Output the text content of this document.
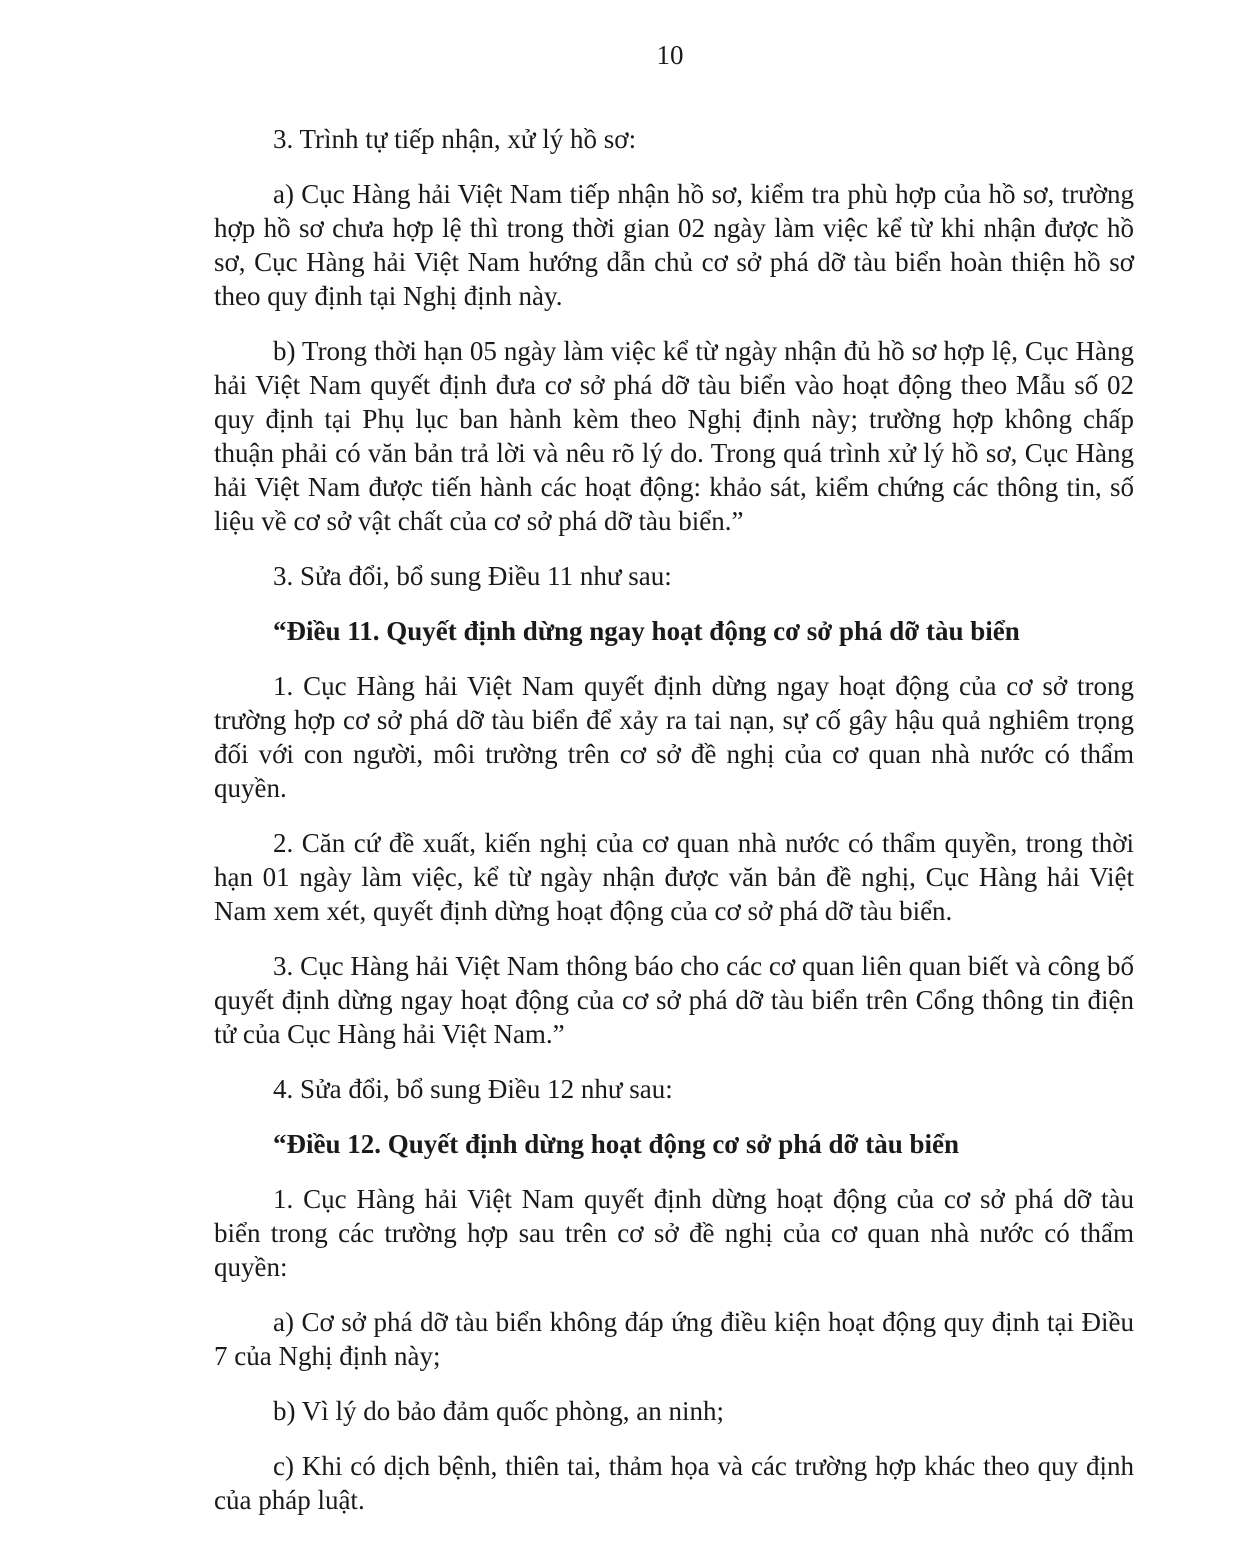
10

3. Trình tự tiếp nhận, xử lý hồ sơ:

a) Cục Hàng hải Việt Nam tiếp nhận hồ sơ, kiểm tra phù hợp của hồ sơ, trường hợp hồ sơ chưa hợp lệ thì trong thời gian 02 ngày làm việc kể từ khi nhận được hồ sơ, Cục Hàng hải Việt Nam hướng dẫn chủ cơ sở phá dỡ tàu biển hoàn thiện hồ sơ theo quy định tại Nghị định này.

b) Trong thời hạn 05 ngày làm việc kể từ ngày nhận đủ hồ sơ hợp lệ, Cục Hàng hải Việt Nam quyết định đưa cơ sở phá dỡ tàu biển vào hoạt động theo Mẫu số 02 quy định tại Phụ lục ban hành kèm theo Nghị định này; trường hợp không chấp thuận phải có văn bản trả lời và nêu rõ lý do. Trong quá trình xử lý hồ sơ, Cục Hàng hải Việt Nam được tiến hành các hoạt động: khảo sát, kiểm chứng các thông tin, số liệu về cơ sở vật chất của cơ sở phá dỡ tàu biển.”

3. Sửa đổi, bổ sung Điều 11 như sau:

“Điều 11. Quyết định dừng ngay hoạt động cơ sở phá dỡ tàu biển

1. Cục Hàng hải Việt Nam quyết định dừng ngay hoạt động của cơ sở trong trường hợp cơ sở phá dỡ tàu biển để xảy ra tai nạn, sự cố gây hậu quả nghiêm trọng đối với con người, môi trường trên cơ sở đề nghị của cơ quan nhà nước có thẩm quyền.

2. Căn cứ đề xuất, kiến nghị của cơ quan nhà nước có thẩm quyền, trong thời hạn 01 ngày làm việc, kể từ ngày nhận được văn bản đề nghị, Cục Hàng hải Việt Nam xem xét, quyết định dừng hoạt động của cơ sở phá dỡ tàu biển.

3. Cục Hàng hải Việt Nam thông báo cho các cơ quan liên quan biết và công bố quyết định dừng ngay hoạt động của cơ sở phá dỡ tàu biển trên Cổng thông tin điện tử của Cục Hàng hải Việt Nam.”

4. Sửa đổi, bổ sung Điều 12 như sau:

“Điều 12. Quyết định dừng hoạt động cơ sở phá dỡ tàu biển

1. Cục Hàng hải Việt Nam quyết định dừng hoạt động của cơ sở phá dỡ tàu biển trong các trường hợp sau trên cơ sở đề nghị của cơ quan nhà nước có thẩm quyền:

a) Cơ sở phá dỡ tàu biển không đáp ứng điều kiện hoạt động quy định tại Điều 7 của Nghị định này;

b) Vì lý do bảo đảm quốc phòng, an ninh;

c) Khi có dịch bệnh, thiên tai, thảm họa và các trường hợp khác theo quy định của pháp luật.
